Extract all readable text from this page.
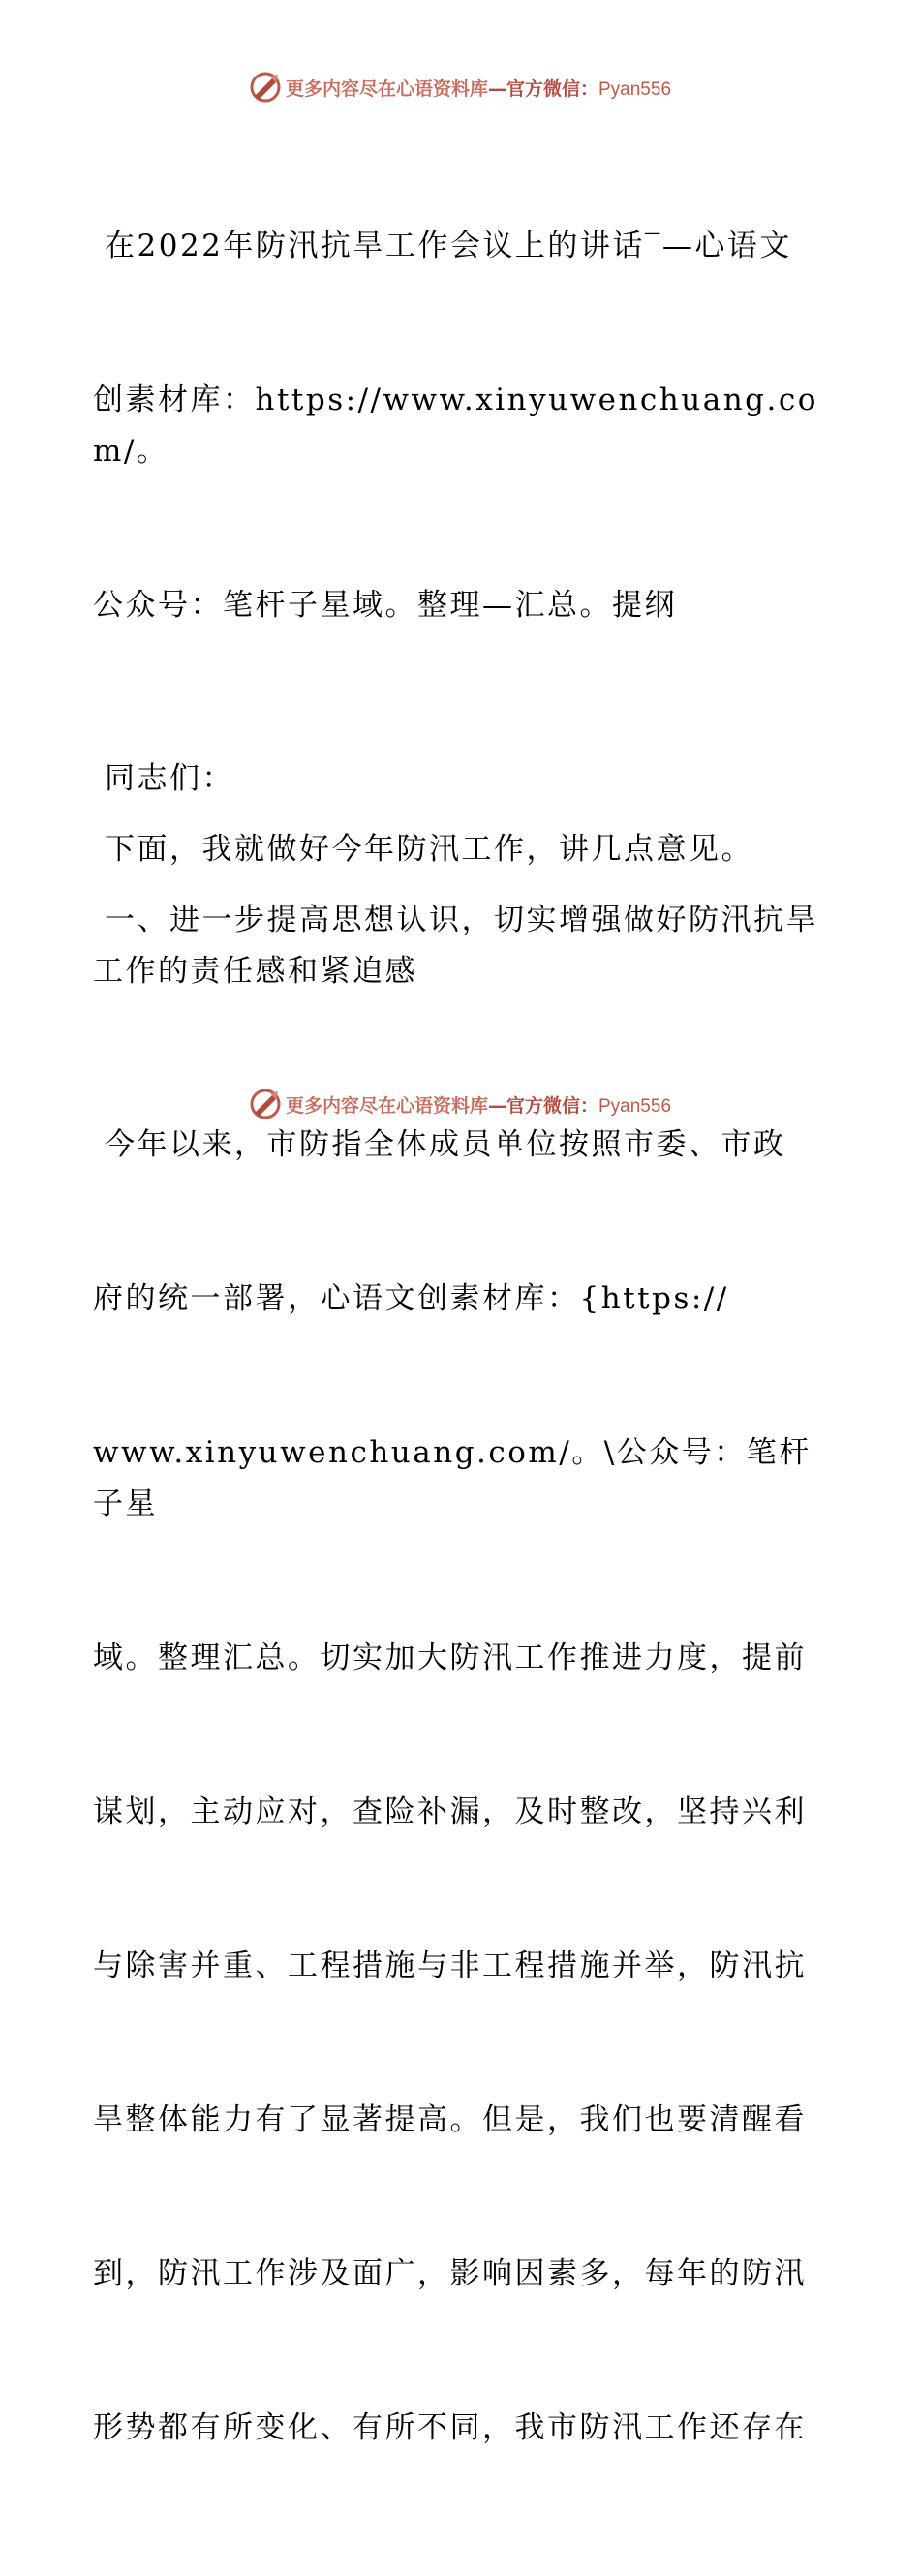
更多内容尽在心语资料库—官方微信：Pyan556

在2022年防汛抗旱工作会议上的讲话‾—心语文

创素材库：https://www.xinyuwenchuang.com/。

公众号：笔杆子星域。整理—汇总。提纲

同志们：

下面，我就做好今年防汛工作，讲几点意见。

一、进一步提高思想认识，切实增强做好防汛抗旱工作的责任感和紧迫感

今年以来，市防指全体成员单位按照市委、市政

府的统一部署，心语文创素材库：{https://

www.xinyuwenchuang.com/。\公众号：笔杆子星

域。整理汇总。切实加大防汛工作推进力度，提前

谋划，主动应对，查险补漏，及时整改，坚持兴利

与除害并重、工程措施与非工程措施并举，防汛抗

旱整体能力有了显著提高。但是，我们也要清醒看

到，防汛工作涉及面广，影响因素多，每年的防汛

形势都有所变化、有所不同，我市防汛工作还存在

更多内容尽在心语资料库—官方微信：Pyan556
